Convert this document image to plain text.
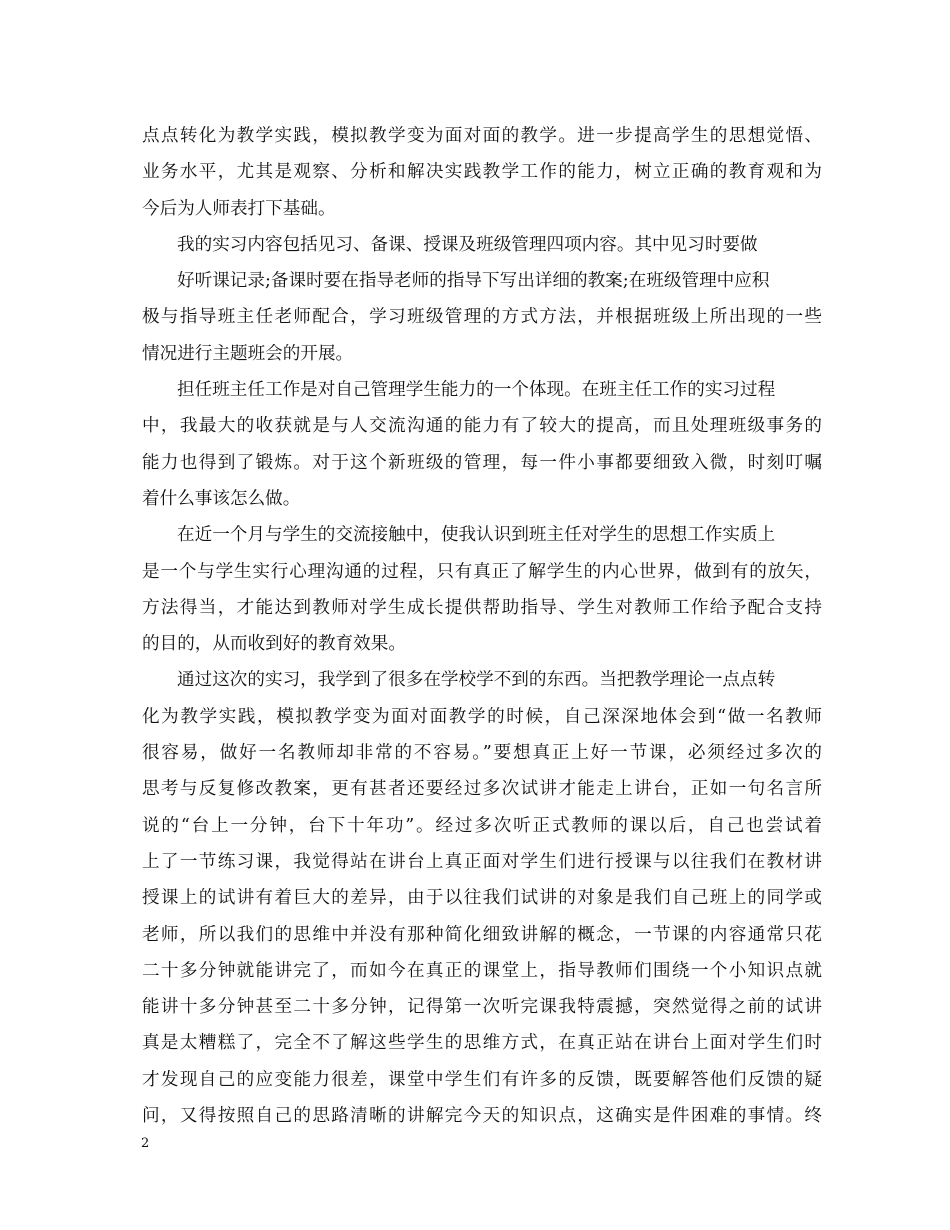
点点转化为教学实践，模拟教学变为面对面的教学。进一步提高学生的思想觉悟、
业务水平，尤其是观察、分析和解决实践教学工作的能力，树立正确的教育观和为
今后为人师表打下基础。
我的实习内容包括见习、备课、授课及班级管理四项内容。其中见习时要做
好听课记录;备课时要在指导老师的指导下写出详细的教案;在班级管理中应积
极与指导班主任老师配合，学习班级管理的方式方法，并根据班级上所出现的一些
情况进行主题班会的开展。
担任班主任工作是对自己管理学生能力的一个体现。在班主任工作的实习过程
中，我最大的收获就是与人交流沟通的能力有了较大的提高，而且处理班级事务的
能力也得到了锻炼。对于这个新班级的管理，每一件小事都要细致入微，时刻叮嘱
着什么事该怎么做。
在近一个月与学生的交流接触中，使我认识到班主任对学生的思想工作实质上
是一个与学生实行心理沟通的过程，只有真正了解学生的内心世界，做到有的放矢，
方法得当，才能达到教师对学生成长提供帮助指导、学生对教师工作给予配合支持
的目的，从而收到好的教育效果。
通过这次的实习，我学到了很多在学校学不到的东西。当把教学理论一点点转
化为教学实践，模拟教学变为面对面教学的时候，自己深深地体会到“做一名教师
很容易，做好一名教师却非常的不容易。”要想真正上好一节课，必须经过多次的
思考与反复修改教案，更有甚者还要经过多次试讲才能走上讲台，正如一句名言所
说的“台上一分钟，台下十年功”。经过多次听正式教师的课以后，自己也尝试着
上了一节练习课，我觉得站在讲台上真正面对学生们进行授课与以往我们在教材讲
授课上的试讲有着巨大的差异，由于以往我们试讲的对象是我们自己班上的同学或
老师，所以我们的思维中并没有那种简化细致讲解的概念，一节课的内容通常只花
二十多分钟就能讲完了，而如今在真正的课堂上，指导教师们围绕一个小知识点就
能讲十多分钟甚至二十多分钟，记得第一次听完课我特震撼，突然觉得之前的试讲
真是太糟糕了，完全不了解这些学生的思维方式，在真正站在讲台上面对学生们时
才发现自己的应变能力很差，课堂中学生们有许多的反馈，既要解答他们反馈的疑
问，又得按照自己的思路清晰的讲解完今天的知识点，这确实是件困难的事情。终
2
